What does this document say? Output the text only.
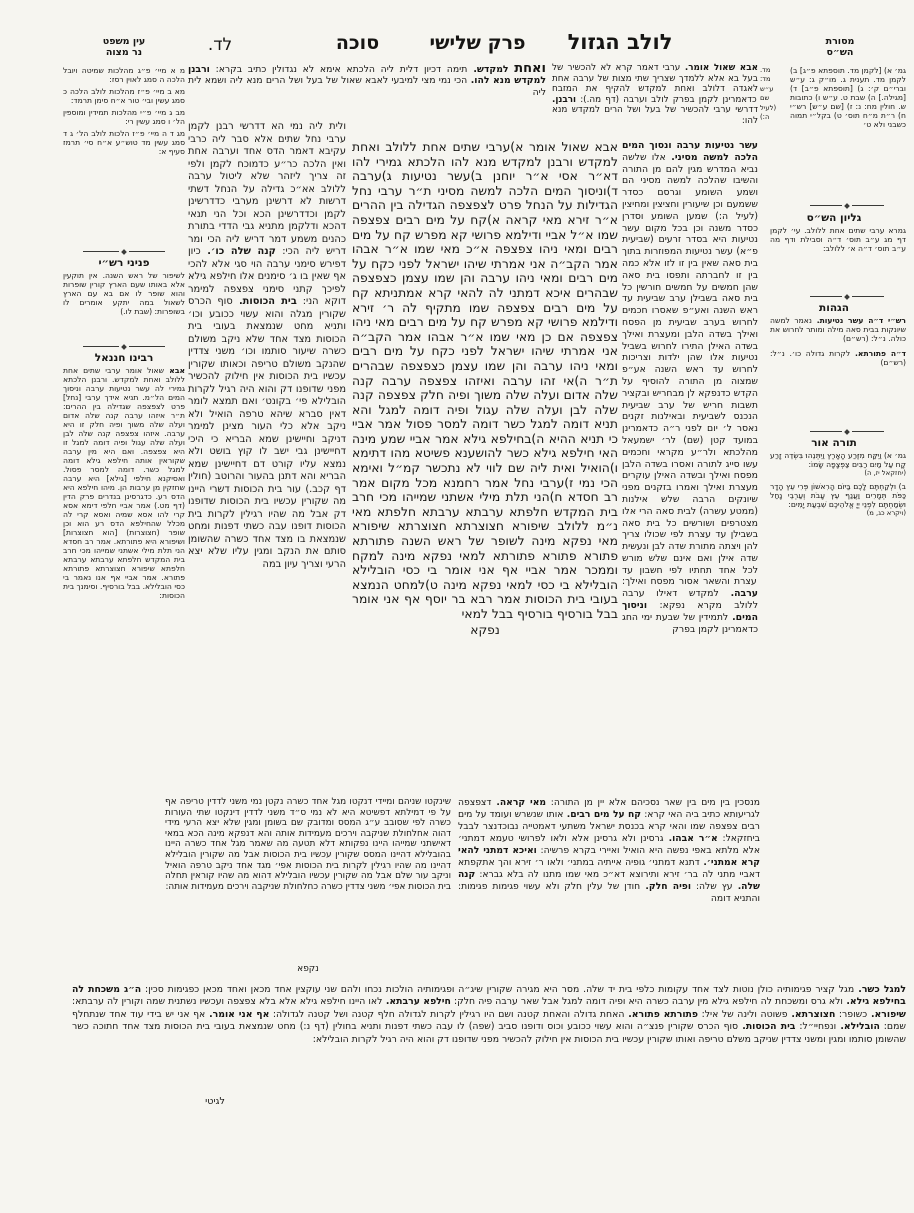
מסורת
הש״ס
לולב הגזול
פרק שלישי
סוכה
לד.
עין משפט
נר מצוה

מ א מיי׳ פ״ג מהלכות שמיטה ויובל הלכה ה סמג לאוין רסז:

מא ב מיי׳ פ״ז מהלכות לולב הלכה כ סמג עשין ובי׳ טור א״ח סימן תרמד:

מב ג מיי׳ פ״י מהלכות תמידין ומוספין הל׳ ו סמג עשין רי:

מג ד ה מיי׳ פ״ז הלכות לולב הל׳ ג ד סמג עשין מד טוש״ע א״ח סי׳ תרמז סעיף א:

פניני רש״י
לשיפור של ראש השנה. אין תוקעין אלא באותו שעם הארץ קורין שופרות והוא שופר לו אם בא עם הארץ לשאול במה יתקע אומרים לו בשופרות: (שבת לו.)
רבינו חננאל
אבאשאול אומר ערבי שתים אחת ללולב ואחת למקדש. ורבנן הלכתא גמירי לה עשר נטיעות ערבה וניסוך המים הל״מ. תניא אידך ערבי [נחל] פרט לצפצפה שגדילה בין ההרים: ת״ר איזהו ערבה קנה שלה אדום ועלה שלה משוך ופיה חלק זו היא ערבה. איזהו צפצפה קנה שלה לבן ועלה שלה עגול ופיה דומה למגל זו היא צפצפה. ואם היא מין ערבה שקוראין אותה חילפא גילא דומה למגל כשר. דומה למסר פסול. ואסיקנא חילפי [גילא] היא ערבה שחזקין מן ערבות הן. מיהו חילפא היא הדס רע. כדגרסינן בנדרים פרק הדין (דף מט.) אמר אביי חלפי דימא אסא קרי להו אסא שמיה ואסא קרי לה מכלל שהחילפא הדס רע הוא וכן שופר (חצוצרות) [הוא חצוצרות] ושיפורא היא פתורתא. אמר רב חסדא הני תלת מילי אשתני שמייהו מכי חרב בית המקדש חלפתא ערבתא ערבתא חלפתא שיפורא חצוצרתא פתורתא פתורא. אמר אביי אף אנו נאמר בי כסי הובלילא. בבל בורסיף. וסימנך בית הכוסות:
ואחת למקדש.תימה דכיון דלית ליה הלכתא אימא לא נגדולין כתיב בקרא:ורבנן למקדש מנא להו.הכי נמי מצי למיבעי לאבא שאול של בעל ושל הרים מנא ליה ושמא לית ליה
ולית ליה נמי הא דדרשי רבנן לקמן ערבי נחל שתים אלא סבר ליה כרבי עקיבא דאמר הדס אחד וערבה אחת ואין הלכה כר״ע כדמוכח לקמן ולפי זה צריך ליזהר שלא ליטול ערבה ללולב אא״כ גדילה על הנחל דשתי דרשות לא דרשינן מערבי כדדרשינן לקמן וכדדרשינן הכא וכל הני תנאי דהכא ודלקמן מתניא גבי הדדי בתורת כהנים משמע דמר דריש ליה הכי ומר דריש ליה הכי:קנה שלה כו׳.כיון דפירש סימני ערבה הוי סגי אלא להכי אף שאין בו ג׳ סימנים אלו חילפא גילא לפיכך קתני סימני צפצפה למימר דוקא הני:בית הכוסות.סוף הכרס שקורין מגלה והוא עשוי ככובע וכו׳ ותניא מחט שנמצאת בעובי בית הכוסות מצד אחד שלא ניקב משולם כשרה שיעור סותמו וכו׳ משני צדדין שהנקב משולם טריפה וכאותו שקורין עכשיו בית הכוסות אין חילוק להכשיר מפני שדופנו דק והוא היה רגיל לקרות הובלילא פי׳ בקונט׳ ואם תמצא לומר דאין סברא שיהא טרפה הואיל ולא ניקב אלא כלי העור מצינן למימר דניקב וחיישינן שמא הבריא כי היכי דחיישינן גבי ישב לו קוץ בושט ולא נמצא עליו קורט דם דחיישינן שמא הבריא והא דתנן בהעור והרוטב (חולין דף קכב.) עור בית הכוסות דשרי היינו מה שקורין עכשיו בית הכוסות שדופנו דק אבל מה שהיו רגילין לקרות בית הכוסות דופנו עבה כשתי דפנות ומחט שנמצאת בו מצד אחד כשרה שהשומן סותם את הנקב ומגין עליו שלא יצא הרעי וצריך עיון במה
אבא שאול אומר א)ערבי שתים אחת ללולב ואחת למקדש ורבנן למקדש מנא להו הלכתא גמירי להו דא״ר אסי א״ר יוחנן ב)עשר נטיעות ג)ערבה ד)וניסוך המים הלכה למשה מסיני ת״ר ערבי נחל הגדילות על הנחל פרט לצפצפה הגדילה בין ההרים א״ר זירא מאי קראה א)קח על מים רבים צפצפה שמו א״ל אביי ודילמא פרושי קא מפרש קח על מים רבים ומאי ניהו צפצפה א״כ מאי שמו א״ר אבהו אמר הקב״ה אני אמרתי שיהו ישראל לפני כקח על מים רבים ומאי ניהו ערבה והן שמו עצמן כצפצפה שבהרים איכא דמתני לה להאי קרא אמתניתא קח על מים רבים צפצפה שמו מתקיף לה ר׳ זירא ודילמא פרושי קא מפרש קח על מים רבים מאי ניהו צפצפה אם כן מאי שמו א״ר אבהו אמר הקב״ה אני אמרתי שיהו ישראל לפני כקח על מים רבים ומאי ניהו ערבה והן שמו עצמן כצפצפה שבהרים ת״ר ה)אי זהו ערבה ואיזהו צפצפה ערבה קנה שלה אדום ועלה שלה משוך ופיה חלק צפצפה קנה שלה לבן ועלה שלה עגול ופיה דומה למגל והא תניא דומה למגל כשר דומה למסר פסול אמר אביי כי תניא ההיא ה)בחילפא גילא אמר אביי שמע מינה האי חילפא גילא כשר להושענא פשיטא מהו דתימא ו)הואיל ואית ליה שם לווי לא נתכשר קמ״ל ואימא הכי נמי ז)ערבי נחל אמר רחמנא מכל מקום אמר רב חסדא ח)הני תלת מילי אשתני שמייהו מכי חרב בית המקדש חלפתא ערבתא ערבתא חלפתא מאי נ״מ ללולב שיפורא חצוצרתא חצוצרתא שיפורא מאי נפקא מינה לשופר של ראש השנה פתורתא פתורא פתורא פתורתא למאי נפקא מינה למקח וממכר אמר אביי אף אני אומר בי כסי הובלילא הובלילא בי כסי למאי נפקא מינה ט)למחט הנמצא בעובי בית הכוסות אמר רבא בר יוסף אף אני אומר בבל בורסיף בורסיף בבל למאי
נפקא
אבא שאול אומר.ערבי דאמר קרא לא להכשיר של בעל בא אלא ללמדך שצריך שתי מצות של ערבה אחת לאגדה דלולב ואחת למקדש להקיף את המזבח כדאמרינן לקמן בפרק לולב וערבה (דף מה.):ורבנן.דדרשי ערבי להכשיר של בעל ושל הרים למקדש מנא להו:
עשר נטיעות ערבה ונסוך המים הלכה למשה מסיני.אלו שלשה נביא המדרש מגין להם מן התורה והשיבו שהלכה למשה מסיני הם ושמע השומע וגרסם כסדר ששמעם וכן שיעורין וחציצין ומחיצין (לעיל ה:) שמען השומע וסדרן כסדר משנה וכן בכל מקום עשר נטיעות היא בסדר זרעים (שביעית פ״א) עשר נטיעות המפוזרות בתוך בית סאה שאין בין זו לזו אלא כמה בין זו לחברתה ותפסו בית סאה שהן חמשים על חמשים חורשין כל בית סאה בשבילן ערב שביעית עד ראש השנה ואע״פ שאסרו חכמים לחרוש בערב שביעית מן הפסח ואילך בשדה הלבן ומעצרת ואילך בשדה האילן התירו לחרוש בשביל נטיעות אלו שהן ילדות וצריכות לחרוש עד ראש השנה אע״פ שמצוה מן התורה להוסיף על הקדש כדנפקא לן מבחריש ובקציר תשבות חריש של ערב שביעית הנכנס לשביעית ובאילנות זקנים נאסר ל׳ יום לפני ר״ה כדאמרינן במועד קטן (שם) לר׳ ישמעאל מהלכתא ולר״ע מקראי וחכמים עשו סייג לתורה ואסרו בשדה הלבן מפסח ואילך ובשדה האילן עוקרים מעצרת ואילך ואמרו בזקנים מפני שיונקים הרבה שלש אילנות (ממטע עשרה) לבית סאה הרי אלו מצטרפים ושורשים כל בית סאה בשבילן עד עצרת לפי שכולו צריך להן ויצתה מתורת שדה לבן ונעשית שדה אילן ואם אינם שלש מורש לכל אחד תחתיו לפי חשבון עד עצרת והשאר אסור מפסח ואילך:ערבה.למקדש דאילו ערבה ללולב מקרא נפקא:וניסוך המים.לתמידין של שבעת ימי החג כדאמרינן לקמן בפרק
מד.
מד:
ע״ש
שם
(לעיל
ה:)
גמ׳ א) [לקמן מד. תוספתא פ״ג] ב) לקמן מד. תענית ג. מו״ק ג: ע״ש וברי״ם ק׳: ג) [תוספתא פ״ב] ד) [מגילה.] ה) שבת ט. ע״ש ו) כתובות ש. חולין מח: נ: ז) [שם ע״ש] רש״י ח) ר״ת מ״ח תוס׳ ט) בקל״י תמוה כשבני ולא ט׳
גליון הש״ס
גמרא ערבי שתים אחת ללולב. עי׳ לקמן דף מג ע״ב תוס׳ ד״ה וסבילת ודף מה ע״ב תוס׳ ד״ה א׳ ללולב:
הגהות
רש״י ד״ה עשר נטיעות.נאמר למשה שיונקות בבית סאה מילה ומותר לחרוש את כולה. נ״ל: (רש״ם)
ד״ה פתורתא.לקרות גדולה כו׳. נ״ל: (רש״ם)
תורה אור
גמ׳ א) וַיִּקַּח מִזֶּרַע הָאָרֶץ וַיִּתְּנֵהוּ בִּשְׂדֵה זָרַע קָח עַל מַיִם רַבִּים צַפְצָפָה שָׂמוֹ:
(יחזקאל יז, ה)
ב) וּלְקַחְתֶּם לָכֶם בַּיּוֹם הָרִאשׁוֹן פְּרִי עֵץ הָדָר כַּפֹּת תְּמָרִים וַעֲנַף עֵץ עָבֹת וְעַרְבֵי נָחַל וּשְׂמַחְתֶּם לִפְנֵי יְיָ אֱלֹהֵיכֶם שִׁבְעַת יָמִים:
(ויקרא כג, מ)
שינקטו שניהם ומיידי דנקטו מגל אחד כשרה נקטן נמי משני לדדין טריפה אף על פי דמילתא דפשיטא היא לא נמי ס״ד משני לדדין דינקטו שתי העורות כשרה לפי שסובב ע״ג המסס ומדובק שם בשומן ומגין שלא יצא הרעי מידי דהוה אחלחולת שניקבה וירכים מעמידות אותה והא דנפקא מינה הכא במאי דאישתני שמייהו היינו נפקותא דלא תטעה מה שאמר מגל אחד כשרה היינו בהובלילא דהיינו המסס שקורין עכשיו בית הכוסות אבל מה שקורין הובלילא דהיינו מה שהיו רגילין לקרות בית הכוסות אפי׳ מגד אחד ניקב טרפה הואיל וניקב עור שלם אבל מה שקורין עכשיו הובלילא דהוא מה שהיו קוראין תחלה בית הכוסות אפי׳ משני צדדין כשרה כחלחולת שניקבה וירכים מעמידות אותה:
נקפא
מנסכין בין מים בין שאר נסכיהם אלא יין מן התורה:מאי קראה.דצפצפה לגריעותא כתיב ביה האי קרא:קח על מים רבים.אותו שנשרש ועומד על מים רבים צפצפה שמו והאי קרא בכנסת ישראל משתעי דאמטייה נבוכדנצר לבבל ביחזקאל:א״ר אבהו.גרסינן ולא גרסינן אלא ולאו לפרושי טעמא דמתני׳ אלא מלתא באפי נפשה היא הואיל ואיירי בקרא פרשיה:ואיכא דמתני להאי קרא אמתני׳.דתנא דמתני׳ גופיה אייתיה במתני׳ ולאו ר׳ זירא והך אתקפתא דאביי מתני לה בר׳ זירא ותירוצא דא״כ מאי שמו מתנו לה בלא גברא:קנה שלה.עץ שלה:ופיה חלק.חודן של עלין חלק ולא עשוי פגימות פגימות: והתניא דומה
למגל כשר.מגל קציר פגימותיה כולן נוטות לצד אחד עקומות כלפי בית יד שלה. מסר היא מגירה שקורין שיג״ה ופגימותיה הולכות נכחו ולהם שני עוקצין אחד מכאן ואחד מכאן כפגימות סכין:ה״ג משכחת לה בחילפא גילא.ולא גרס ומשכחת לה חילפא גילא מין ערבה כשרה היא ופיה דומה למגל אבל שאר ערבה פיה חלק:חילפא ערבתא.לאו היינו חילפא גילא אלא בלא צפצפה ועכשיו נשתנית שמה וקורין לה ערבתא:שיפורא.כשופר:חצוצרתא.פשוטה ולינה של איל:פתורתא פתורא.האחת גדולה והאחת קטנה ושם היו רגילין לקרות לגדולה חלף קטנה ושל קטנה לגדולה:אף אני אומר.אף אני יש בידי עוד אחד שנתחלף שמם:הובלילא.ונפחיי״ל:בית הכוסות.סוף הכרס שקורין פנצ״ה והוא עשוי ככובע וכוס ודופנו סביב (שפה) לו עבה כשתי דפנות ותניא בחולין (דף נ:) מחט שנמצאת בעובי בית הכוסות מצד אחד חתוכה כשר שהשומן סותמו ומגין ומשני צדדין שניקב משלם טריפה ואותו שקורין עכשיו בית הכוסות אין חילוק להכשיר מפני שדופנו דק והוא היה רגיל לקרות הובלילא:
לגיטי
